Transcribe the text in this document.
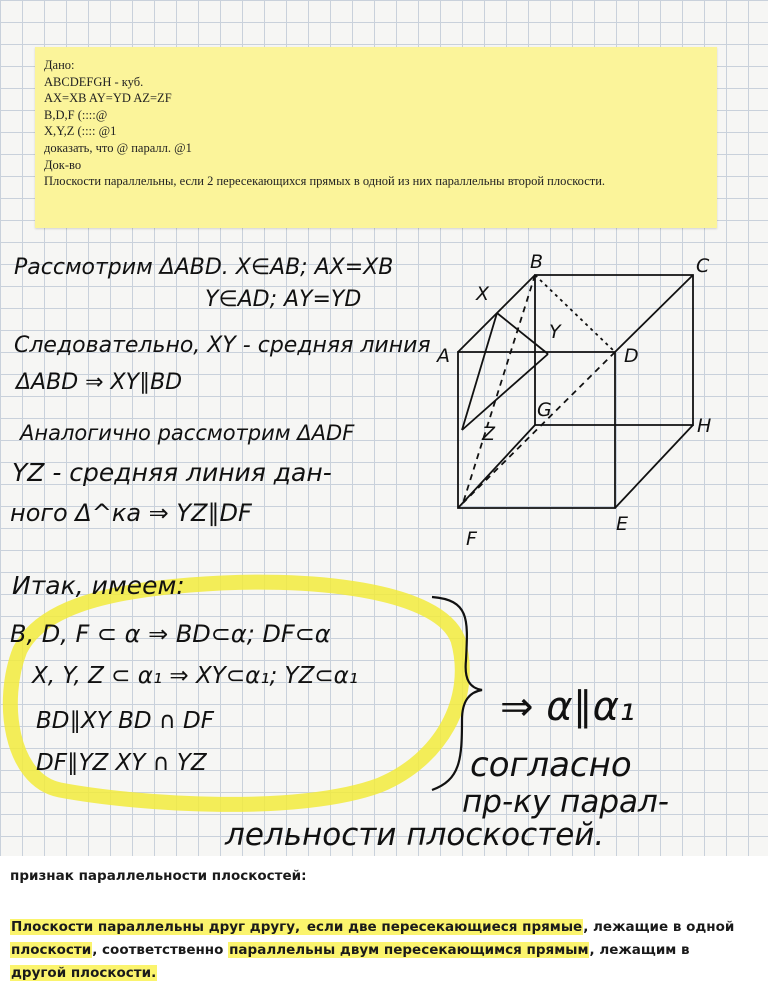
Дано:
ABCDEFGH - куб.
AX=XB AY=YD AZ=ZF
B,D,F (::::@
X,Y,Z (:::: @1
доказать, что @ паралл. @1
Док-во
Плоскости параллельны, если 2 пересекающихся прямых в одной из них параллельны второй плоскости.
B	C
A	D
G
H
E
F
X
Y
Z
Рассмотрим ΔABD. X∈AB; AX=XB
Y∈AD; AY=YD
Следовательно, XY - средняя линия
ΔABD ⇒ XY∥BD
Аналогично рассмотрим ΔADF
YZ - средняя линия дан-
ного Δ^ка ⇒ YZ∥DF
Итак, имеем:
B, D, F ⊂ α ⇒ BD⊂α; DF⊂α
X, Y, Z ⊂ α₁ ⇒ XY⊂α₁; YZ⊂α₁
BD∥XY BD ∩ DF
DF∥YZ XY ∩ YZ
⇒ α∥α₁
согласно
пр-ку парал-
лельности плоскостей.
признак параллельности плоскостей:
Плоскости параллельны друг другу, если две пересекающиеся прямые, лежащие в одной
плоскости, соответственно параллельны двум пересекающимся прямым, лежащим в
другой плоскости.
